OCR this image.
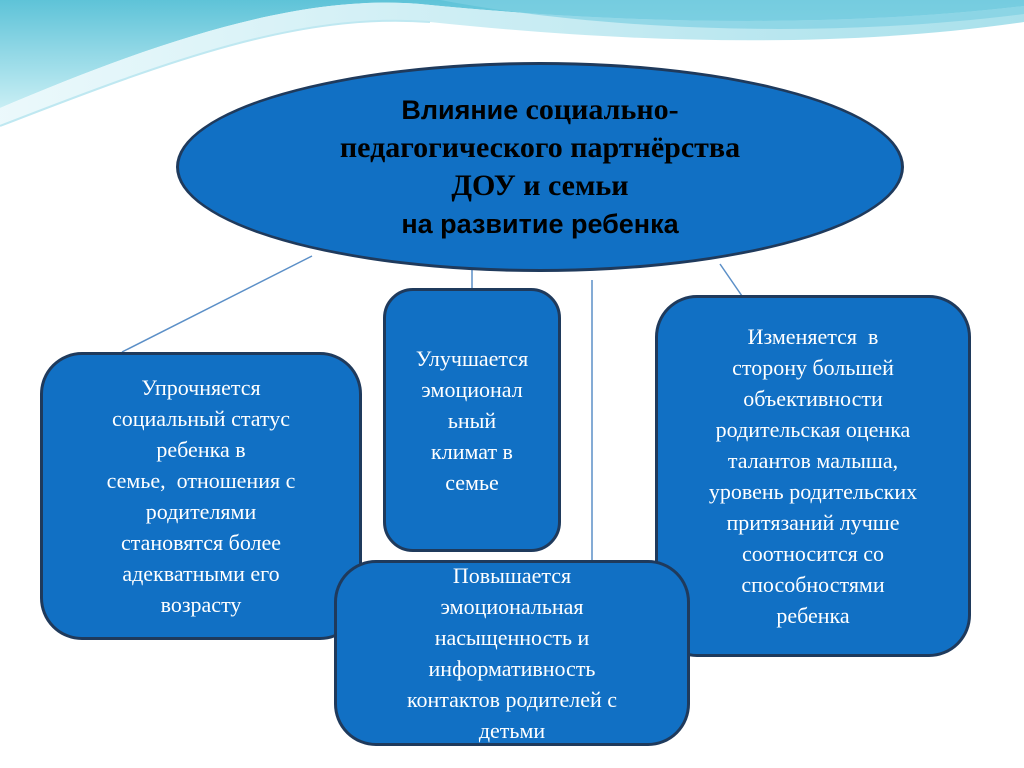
Влияние социально-
педагогического партнёрства
ДОУ и семьи
на развитие ребенка
Упрочняется
социальный статус
ребенка в
семье,  отношения с
родителями
становятся более
адекватными его
возрасту
Улучшается
эмоционал
ьный
климат в
семье
Изменяется  в
сторону большей
объективности
родительская оценка
талантов малыша,
уровень родительских
притязаний лучше
соотносится со
способностями
ребенка
Повышается
эмоциональная
насыщенность и
информативность
контактов родителей с
детьми
